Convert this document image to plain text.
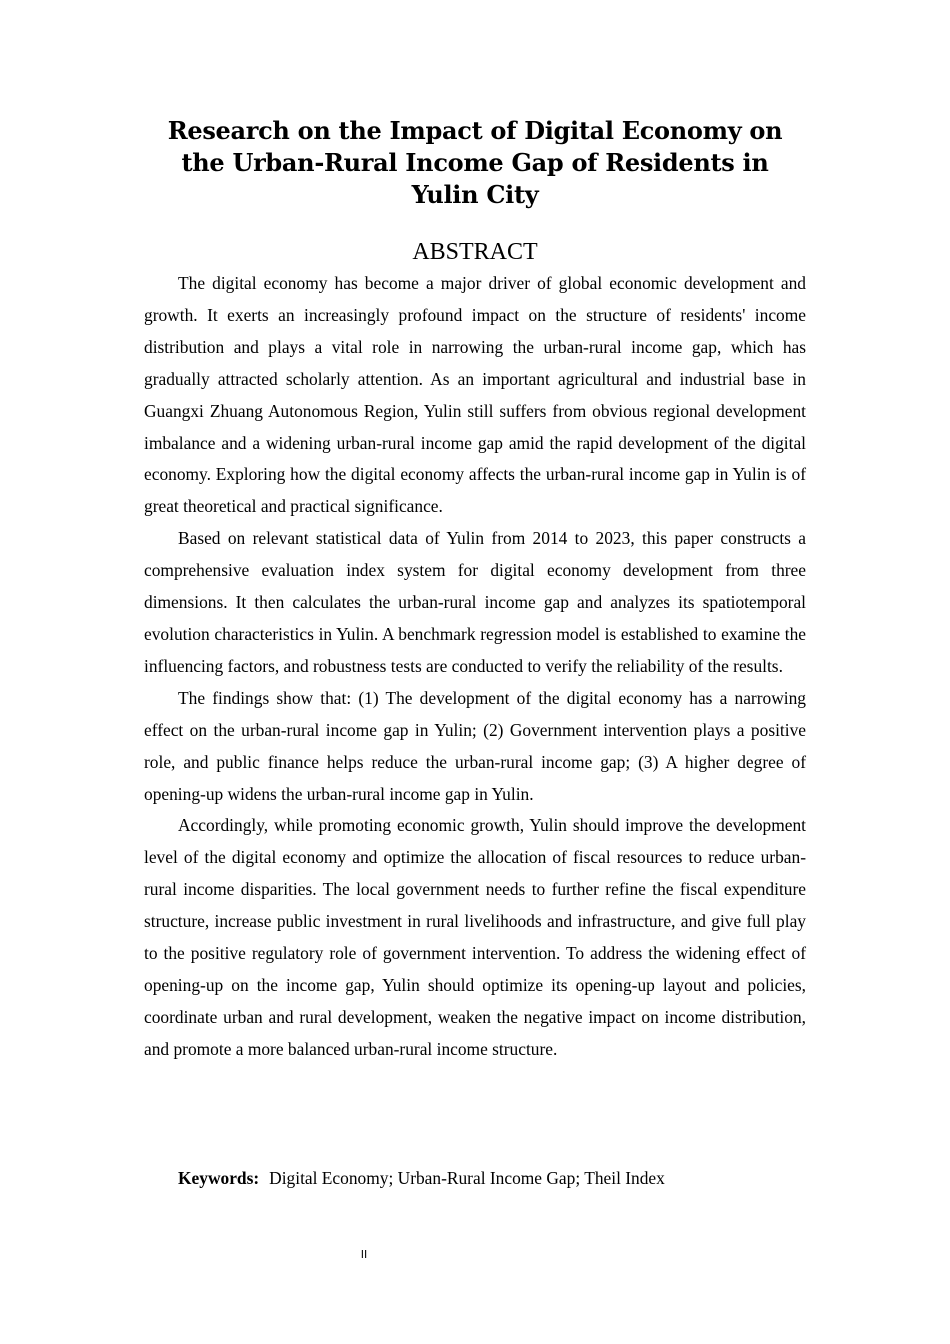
Research on the Impact of Digital Economy on the Urban-Rural Income Gap of Residents in Yulin City
ABSTRACT

The digital economy has become a major driver of global economic development and growth. It exerts an increasingly profound impact on the structure of residents' income distribution and plays a vital role in narrowing the urban-rural income gap, which has gradually attracted scholarly attention. As an important agricultural and industrial base in Guangxi Zhuang Autonomous Region, Yulin still suffers from obvious regional development imbalance and a widening urban-rural income gap amid the rapid development of the digital economy. Exploring how the digital economy affects the urban-rural income gap in Yulin is of great theoretical and practical significance.

Based on relevant statistical data of Yulin from 2014 to 2023, this paper constructs a comprehensive evaluation index system for digital economy development from three dimensions. It then calculates the urban-rural income gap and analyzes its spatiotemporal evolution characteristics in Yulin. A benchmark regression model is established to examine the influencing factors, and robustness tests are conducted to verify the reliability of the results.

The findings show that: (1) The development of the digital economy has a narrowing effect on the urban-rural income gap in Yulin; (2) Government intervention plays a positive role, and public finance helps reduce the urban-rural income gap; (3) A higher degree of opening-up widens the urban-rural income gap in Yulin.

Accordingly, while promoting economic growth, Yulin should improve the development level of the digital economy and optimize the allocation of fiscal resources to reduce urban-rural income disparities. The local government needs to further refine the fiscal expenditure structure, increase public investment in rural livelihoods and infrastructure, and give full play to the positive regulatory role of government intervention. To address the widening effect of opening-up on the income gap, Yulin should optimize its opening-up layout and policies, coordinate urban and rural development, weaken the negative impact on income distribution, and promote a more balanced urban-rural income structure.

Keywords: Digital Economy; Urban-Rural Income Gap; Theil Index

II
